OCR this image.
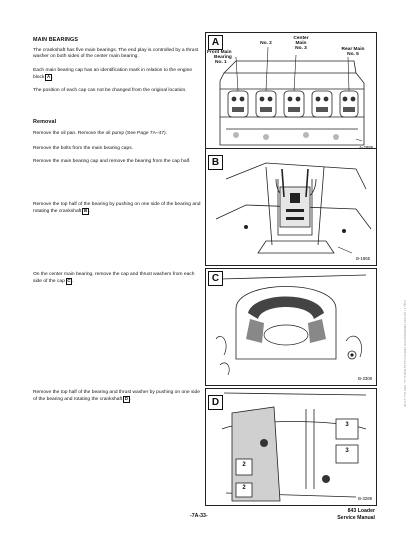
MAIN BEARINGS
The crankshaft has five main bearings. The end play is controlled by a thrust washer on both sides of the center main bearing.
Each main bearing cap has an identification mark in relation to the engine block A .
The position of each cap can not be changed from the original location.
Removal
Remove the oil pan. Remove the oil pump (See Page 7A–47).
Remove the bolts from the main bearing caps.
Remove the main bearing cap and remove the bearing from the cap half.
Remove the top half of the bearing by pushing on one side of the bearing and rotating the crankshaft B .
On the center main bearing, remove the cap and thrust washers from each side of the cap C .
Remove the top half of the bearing and thrust washer by pushing on one side of the bearing and rotating the crankshaft D .
A	No. 2
Center
Main
No. 3
Front Main
Bearing
No. 1
Rear Main
No. 5
B
B-1865
C
B-3308
D
3
3
2
2
B-3289
-7A-33-
843 Loader
Service Manual
Copy 2 / AD-5/24 SMA85SERVICE 1989 Printed by Bobcat Co. 1987 Rev 1-5-90
